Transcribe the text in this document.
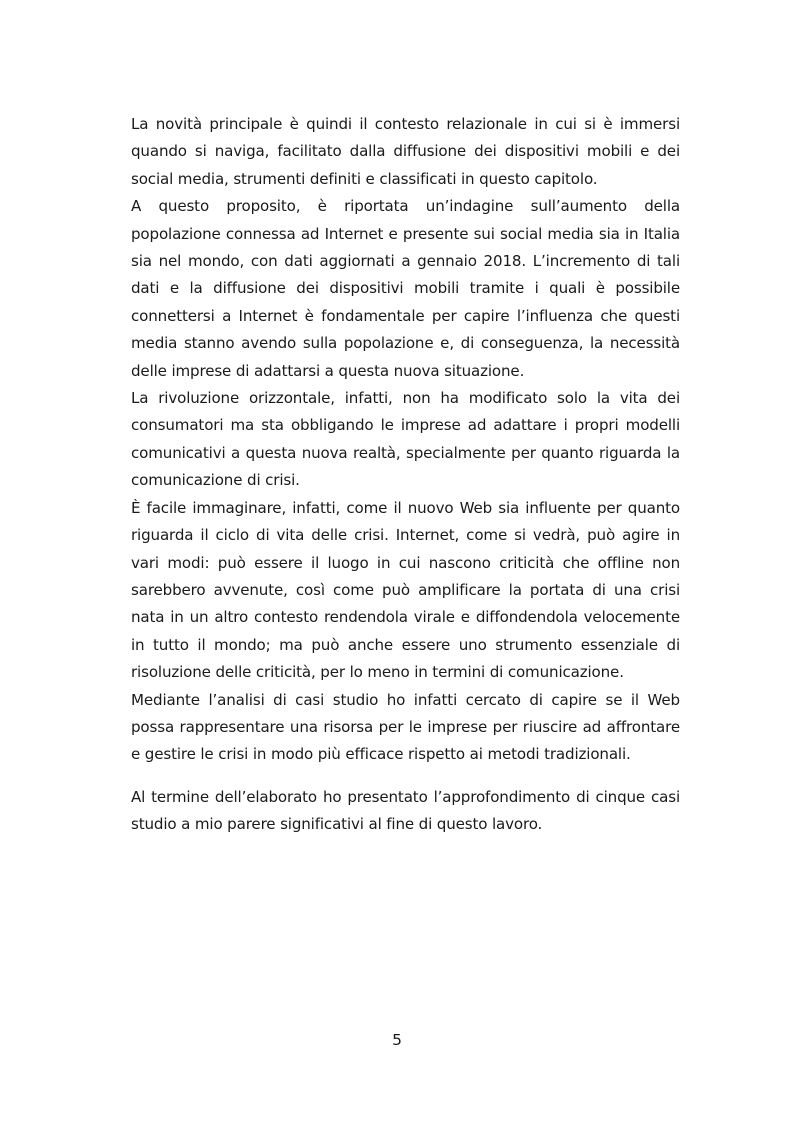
La novità principale è quindi il contesto relazionale in cui si è immersi quando si naviga, facilitato dalla diffusione dei dispositivi mobili e dei social media, strumenti definiti e classificati in questo capitolo.

A questo proposito, è riportata un’indagine sull’aumento della popolazione connessa ad Internet e presente sui social media sia in Italia sia nel mondo, con dati aggiornati a gennaio 2018. L’incremento di tali dati e la diffusione dei dispositivi mobili tramite i quali è possibile connettersi a Internet è fondamentale per capire l’influenza che questi media stanno avendo sulla popolazione e, di conseguenza, la necessità delle imprese di adattarsi a questa nuova situazione.

La rivoluzione orizzontale, infatti, non ha modificato solo la vita dei consumatori ma sta obbligando le imprese ad adattare i propri modelli comunicativi a questa nuova realtà, specialmente per quanto riguarda la comunicazione di crisi.

È facile immaginare, infatti, come il nuovo Web sia influente per quanto riguarda il ciclo di vita delle crisi. Internet, come si vedrà, può agire in vari modi: può essere il luogo in cui nascono criticità che offline non sarebbero avvenute, così come può amplificare la portata di una crisi nata in un altro contesto rendendola virale e diffondendola velocemente in tutto il mondo; ma può anche essere uno strumento essenziale di risoluzione delle criticità, per lo meno in termini di comunicazione.

Mediante l’analisi di casi studio ho infatti cercato di capire se il Web possa rappresentare una risorsa per le imprese per riuscire ad affrontare e gestire le crisi in modo più efficace rispetto ai metodi tradizionali.

Al termine dell’elaborato ho presentato l’approfondimento di cinque casi studio a mio parere significativi al fine di questo lavoro.

5
